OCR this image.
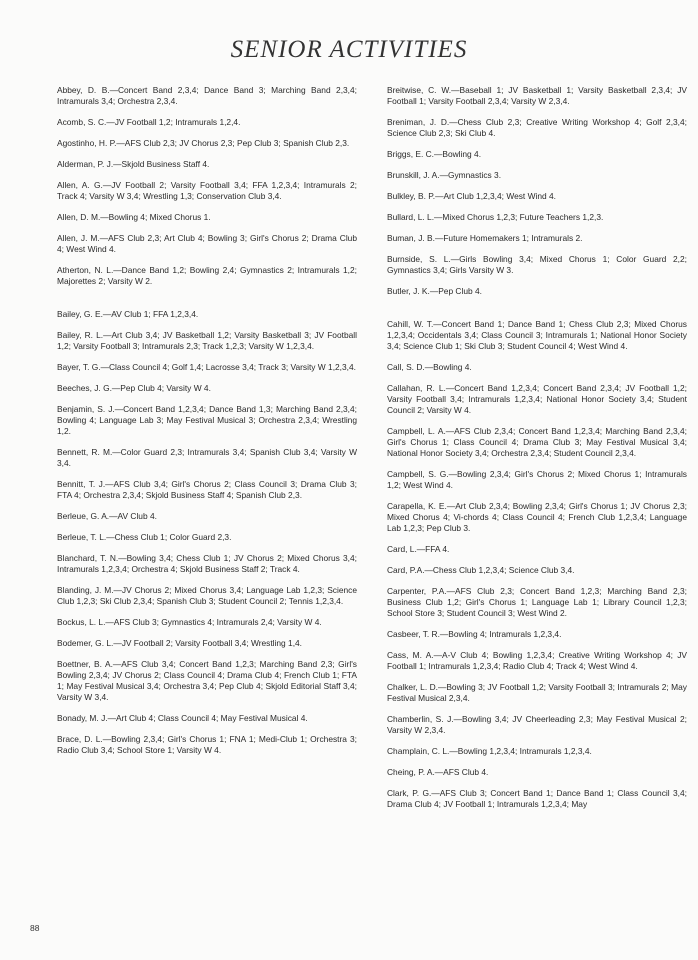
SENIOR ACTIVITIES

Abbey, D. B.—Concert Band 2,3,4; Dance Band 3; Marching Band 2,3,4; Intramurals 3,4; Orchestra 2,3,4.

Acomb, S. C.—JV Football 1,2; Intramurals 1,2,4.

Agostinho, H. P.—AFS Club 2,3; JV Chorus 2,3; Pep Club 3; Spanish Club 2,3.

Alderman, P. J.—Skjold Business Staff 4.

Allen, A. G.—JV Football 2; Varsity Football 3,4; FFA 1,2,3,4; Intramurals 2; Track 4; Varsity W 3,4; Wrestling 1,3; Conservation Club 3,4.

Allen, D. M.—Bowling 4; Mixed Chorus 1.

Allen, J. M.—AFS Club 2,3; Art Club 4; Bowling 3; Girl's Chorus 2; Drama Club 4; West Wind 4.

Atherton, N. L.—Dance Band 1,2; Bowling 2,4; Gymnastics 2; Intramurals 1,2; Majorettes 2; Varsity W 2.

Bailey, G. E.—AV Club 1; FFA 1,2,3,4.

Bailey, R. L.—Art Club 3,4; JV Basketball 1,2; Varsity Basketball 3; JV Football 1,2; Varsity Football 3; Intramurals 2,3; Track 1,2,3; Varsity W 1,2,3,4.

Bayer, T. G.—Class Council 4; Golf 1,4; Lacrosse 3,4; Track 3; Varsity W 1,2,3,4.

Beeches, J. G.—Pep Club 4; Varsity W 4.

Benjamin, S. J.—Concert Band 1,2,3,4; Dance Band 1,3; Marching Band 2,3,4; Bowling 4; Language Lab 3; May Festival Musical 3; Orchestra 2,3,4; Wrestling 1,2.

Bennett, R. M.—Color Guard 2,3; Intramurals 3,4; Spanish Club 3,4; Varsity W 3,4.

Bennitt, T. J.—AFS Club 3,4; Girl's Chorus 2; Class Council 3; Drama Club 3; FTA 4; Orchestra 2,3,4; Skjold Business Staff 4; Spanish Club 2,3.

Berleue, G. A.—AV Club 4.

Berleue, T. L.—Chess Club 1; Color Guard 2,3.

Blanchard, T. N.—Bowling 3,4; Chess Club 1; JV Chorus 2; Mixed Chorus 3,4; Intramurals 1,2,3,4; Orchestra 4; Skjold Business Staff 2; Track 4.

Blanding, J. M.—JV Chorus 2; Mixed Chorus 3,4; Language Lab 1,2,3; Science Club 1,2,3; Ski Club 2,3,4; Spanish Club 3; Student Council 2; Tennis 1,2,3,4.

Bockus, L. L.—AFS Club 3; Gymnastics 4; Intramurals 2,4; Varsity W 4.

Bodemer, G. L.—JV Football 2; Varsity Football 3,4; Wrestling 1,4.

Boettner, B. A.—AFS Club 3,4; Concert Band 1,2,3; Marching Band 2,3; Girl's Bowling 2,3,4; JV Chorus 2; Class Council 4; Drama Club 4; French Club 1; FTA 1; May Festival Musical 3,4; Orchestra 3,4; Pep Club 4; Skjold Editorial Staff 3,4; Varsity W 3,4.

Bonady, M. J.—Art Club 4; Class Council 4; May Festival Musical 4.

Brace, D. L.—Bowling 2,3,4; Girl's Chorus 1; FNA 1; Medi-Club 1; Orchestra 3; Radio Club 3,4; School Store 1; Varsity W 4.

Breitwise, C. W.—Baseball 1; JV Basketball 1; Varsity Basketball 2,3,4; JV Football 1; Varsity Football 2,3,4; Varsity W 2,3,4.

Breniman, J. D.—Chess Club 2,3; Creative Writing Workshop 4; Golf 2,3,4; Science Club 2,3; Ski Club 4.

Briggs, E. C.—Bowling 4.

Brunskill, J. A.—Gymnastics 3.

Bulkley, B. P.—Art Club 1,2,3,4; West Wind 4.

Bullard, L. L.—Mixed Chorus 1,2,3; Future Teachers 1,2,3.

Buman, J. B.—Future Homemakers 1; Intramurals 2.

Burnside, S. L.—Girls Bowling 3,4; Mixed Chorus 1; Color Guard 2,2; Gymnastics 3,4; Girls Varsity W 3.

Butler, J. K.—Pep Club 4.

Cahill, W. T.—Concert Band 1; Dance Band 1; Chess Club 2,3; Mixed Chorus 1,2,3,4; Occidentals 3,4; Class Council 3; Intramurals 1; National Honor Society 3,4; Science Club 1; Ski Club 3; Student Council 4; West Wind 4.

Call, S. D.—Bowling 4.

Callahan, R. L.—Concert Band 1,2,3,4; Concert Band 2,3,4; JV Football 1,2; Varsity Football 3,4; Intramurals 1,2,3,4; National Honor Society 3,4; Student Council 2; Varsity W 4.

Campbell, L. A.—AFS Club 2,3,4; Concert Band 1,2,3,4; Marching Band 2,3,4; Girl's Chorus 1; Class Council 4; Drama Club 3; May Festival Musical 3,4; National Honor Society 3,4; Orchestra 2,3,4; Student Council 2,3,4.

Campbell, S. G.—Bowling 2,3,4; Girl's Chorus 2; Mixed Chorus 1; Intramurals 1,2; West Wind 4.

Carapella, K. E.—Art Club 2,3,4; Bowling 2,3,4; Girl's Chorus 1; JV Chorus 2,3; Mixed Chorus 4; Vi-chords 4; Class Council 4; French Club 1,2,3,4; Language Lab 1,2,3; Pep Club 3.

Card, L.—FFA 4.

Card, P.A.—Chess Club 1,2,3,4; Science Club 3,4.

Carpenter, P.A.—AFS Club 2,3; Concert Band 1,2,3; Marching Band 2,3; Business Club 1,2; Girl's Chorus 1; Language Lab 1; Library Council 1,2,3; School Store 3; Student Council 3; West Wind 2.

Casbeer, T. R.—Bowling 4; Intramurals 1,2,3,4.

Cass, M. A.—A-V Club 4; Bowling 1,2,3,4; Creative Writing Workshop 4; JV Football 1; Intramurals 1,2,3,4; Radio Club 4; Track 4; West Wind 4.

Chalker, L. D.—Bowling 3; JV Football 1,2; Varsity Football 3; Intramurals 2; May Festival Musical 2,3,4.

Chamberlin, S. J.—Bowling 3,4; JV Cheerleading 2,3; May Festival Musical 2; Varsity W 2,3,4.

Champlain, C. L.—Bowling 1,2,3,4; Intramurals 1,2,3,4.

Cheing, P. A.—AFS Club 4.

Clark, P. G.—AFS Club 3; Concert Band 1; Dance Band 1; Class Council 3,4; Drama Club 4; JV Football 1; Intramurals 1,2,3,4; May

88
